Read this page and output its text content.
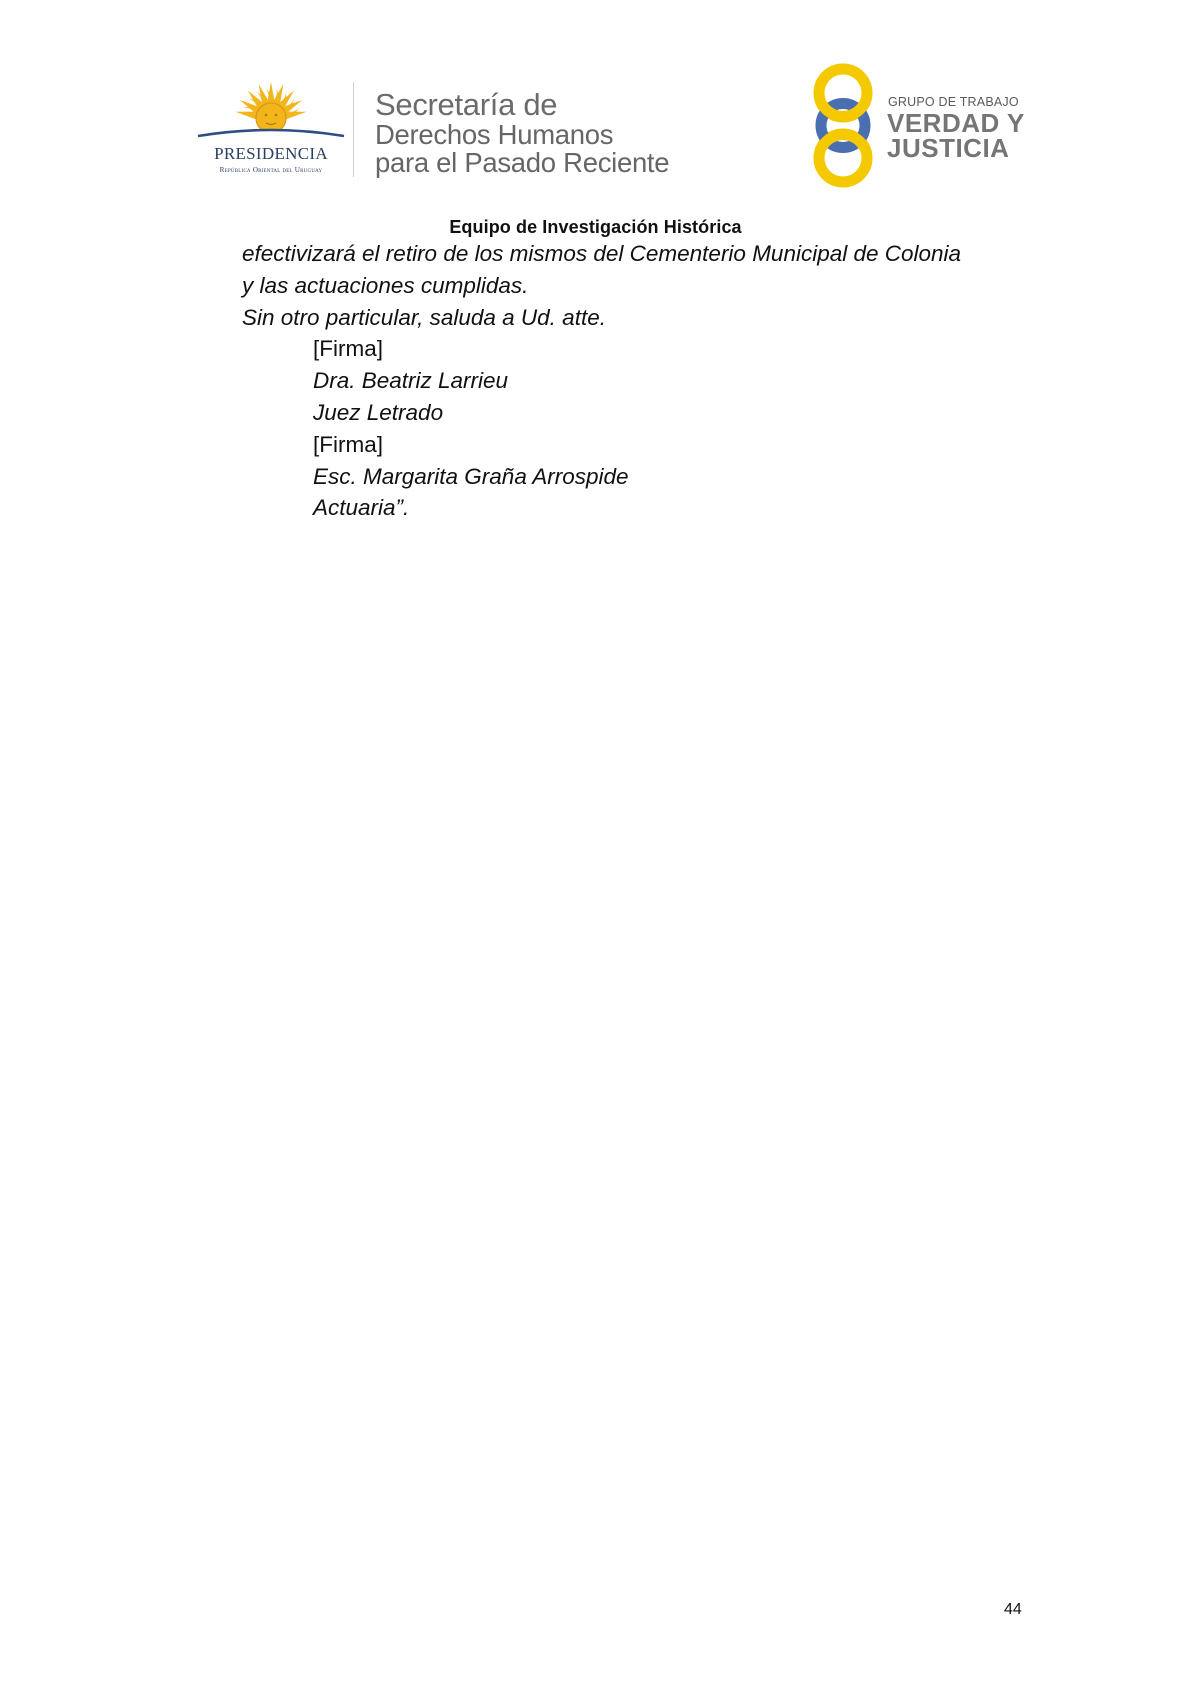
PRESIDENCIA
República Oriental del Uruguay
Secretaría de
Derechos Humanos
para el Pasado Reciente
GRUPO DE TRABAJO
VERDAD Y
JUSTICIA
Equipo de Investigación Histórica

efectivizará el retiro de los mismos del Cementerio Municipal de Colonia

y las actuaciones cumplidas.

Sin otro particular, saluda a Ud. atte.

[Firma]

Dra. Beatriz Larrieu

Juez Letrado

[Firma]

Esc. Margarita Graña Arrospide

Actuaria”.

44
